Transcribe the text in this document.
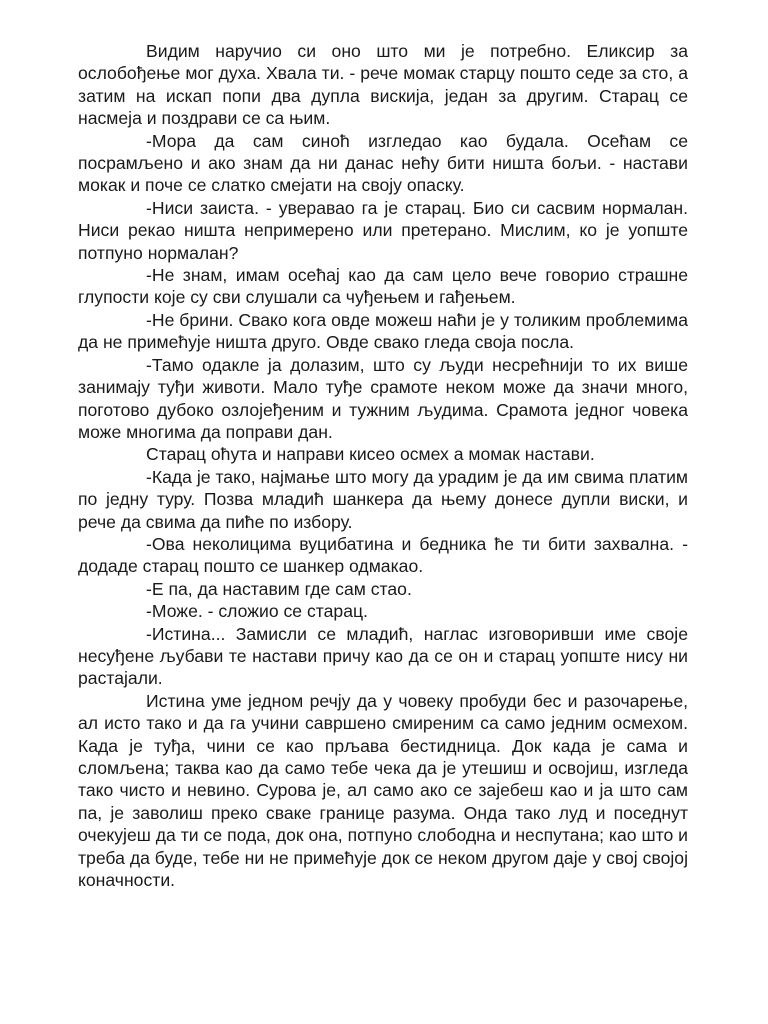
Видим наручио си оно што ми је потребно. Еликсир за ослобођење мог духа. Хвала ти. - рече момак старцу пошто седе за сто, а затим на искап попи два дупла вискија, један за другим. Старац се насмеја и поздрави се са њим.

-Мора да сам синоћ изгледао као будала. Осећам се посрамљено и ако знам да ни данас нећу бити ништа бољи. - настави мокак и поче се слатко смејати на своју опаску.

-Ниси заиста. - уверавао га је старац. Био си сасвим нормалан. Ниси рекао ништа непримерено или претерано. Мислим, ко је уопште потпуно нормалан?

-Не знам, имам осећај као да сам цело вече говорио страшне глупости које су сви слушали са чуђењем и гађењем.

-Не брини. Свако кога овде можеш наћи је у толиким проблемима да не примећује ништа друго. Овде свако гледа своја посла.

-Тамо одакле ја долазим, што су људи несрећнији то их више занимају туђи животи. Мало туђе срамоте неком може да значи много, поготово дубоко озлојеђеним и тужним људима. Срамота једног човека може многима да поправи дан.

Старац оћута и направи кисео осмех а момак настави.

-Када је тако, најмање што могу да урадим је да им свима платим по једну туру. Позва младић шанкера да њему донесе дупли виски, и рече да свима да пиће по избору.

-Ова неколицима вуцибатина и бедника ће ти бити захвална. - додаде старац пошто се шанкер одмакао.

-Е па, да наставим где сам стао.

-Може. - сложио се старац.

-Истина... Замисли се младић, наглас изговоривши име своје несуђене љубави те настави причу као да се он и старац уопште нису ни растајали.

Истина уме једном речју да у човеку пробуди бес и разочарење, ал исто тако и да га учини савршено смиреним са само једним осмехом. Када је туђа, чини се као прљава бестидница. Док када је сама и сломљена; таква као да само тебе чека да је утешиш и освојиш, изгледа тако чисто и невино. Сурова је, ал само ако се зајебеш као и ја што сам па, је заволиш преко сваке границе разума. Онда тако луд и поседнут очекујеш да ти се пода, док она, потпуно слободна и неспутана; као што и треба да буде, тебе ни не примећује док се неком другом даје у свој својој коначности.
